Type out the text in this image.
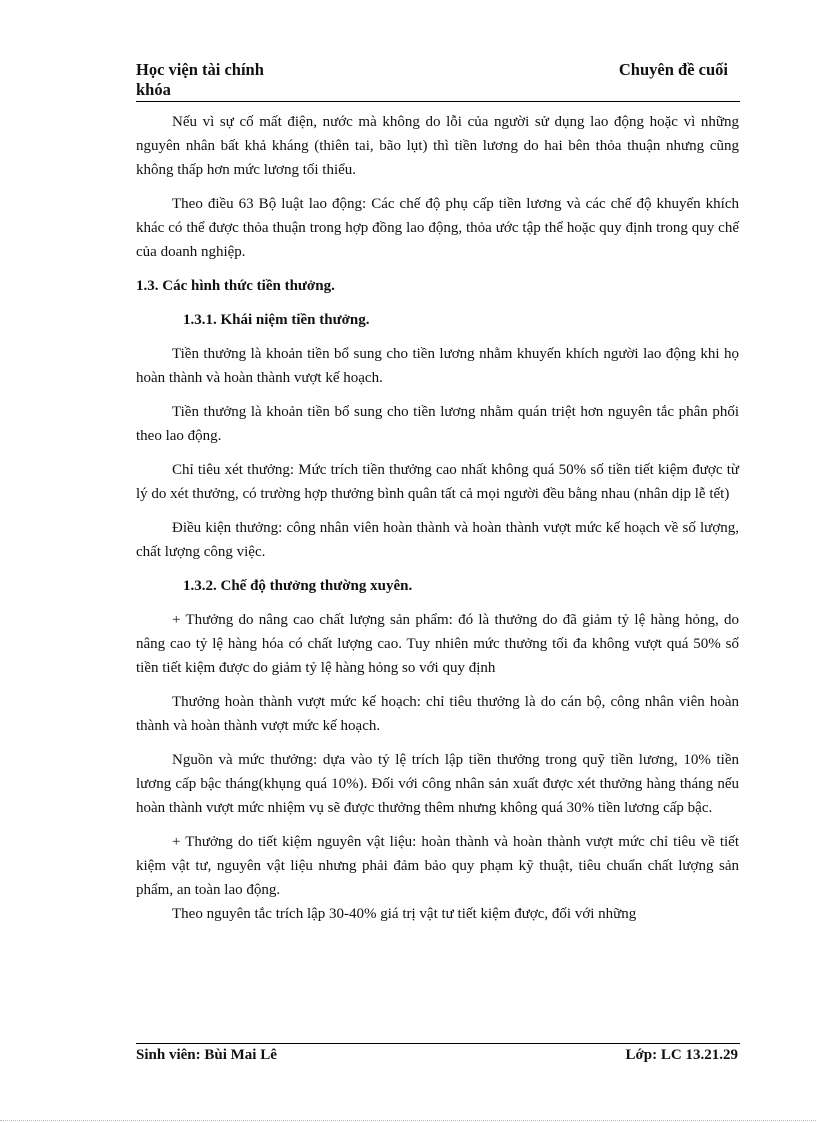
Học viện tài chính
khóa
Chuyên đề cuối

Nếu vì sự cố mất điện, nước mà không do lỗi của người sử dụng lao động hoặc vì những nguyên nhân bất khả kháng (thiên tai, bão lụt) thì tiền lương do hai bên thỏa thuận nhưng cũng không thấp hơn mức lương tối thiểu.

Theo điều 63 Bộ luật lao động: Các chế độ phụ cấp tiền lương và các chế độ khuyến khích khác có thể được thỏa thuận trong hợp đồng lao động, thỏa ước tập thể hoặc quy định trong quy chế của doanh nghiệp.

1.3. Các hình thức tiền thưởng.

1.3.1. Khái niệm tiền thưởng.

Tiền thưởng là khoản tiền bổ sung cho tiền lương nhằm khuyến khích người lao động khi họ hoàn thành và hoàn thành vượt kế hoạch.

Tiền thưởng là khoản tiền bổ sung cho tiền lương nhằm quán triệt hơn nguyên tắc phân phối theo lao động.

Chỉ tiêu xét thưởng: Mức trích tiền thưởng cao nhất không quá 50% số tiền tiết kiệm được từ lý do xét thưởng, có trường hợp thưởng bình quân tất cả mọi người đều bằng nhau (nhân dịp lễ tết)

Điều kiện thưởng: công nhân viên hoàn thành và hoàn thành vượt mức kế hoạch về số lượng, chất lượng công việc.

1.3.2. Chế độ thưởng thường xuyên.

+ Thưởng do nâng cao chất lượng sản phẩm: đó là thưởng do đã giảm tỷ lệ hàng hỏng, do nâng cao tỷ lệ hàng hóa có chất lượng cao. Tuy nhiên mức thưởng tối đa không vượt quá 50% số tiền tiết kiệm được do giảm tỷ lệ hàng hỏng so với quy định

Thưởng hoàn thành vượt mức kế hoạch: chỉ tiêu thưởng là do cán bộ, công nhân viên hoàn thành và hoàn thành vượt mức kế hoạch.

Nguồn và mức thưởng: dựa vào tỷ lệ trích lập tiền thưởng trong quỹ tiền lương, 10% tiền lương cấp bậc tháng(khụng quá 10%). Đối với công nhân sản xuất được xét thưởng hàng tháng nếu hoàn thành vượt mức nhiệm vụ sẽ được thưởng thêm nhưng không quá 30% tiền lương cấp bậc.

+ Thưởng do tiết kiệm nguyên vật liệu: hoàn thành và hoàn thành vượt mức chỉ tiêu về tiết kiệm vật tư, nguyên vật liệu nhưng phải đảm bảo quy phạm kỹ thuật, tiêu chuẩn chất lượng sản phẩm, an toàn lao động.

Theo nguyên tắc trích lập 30-40% giá trị vật tư tiết kiệm được, đối với những

Sinh viên: Bùi Mai Lê	Lớp: LC 13.21.29
